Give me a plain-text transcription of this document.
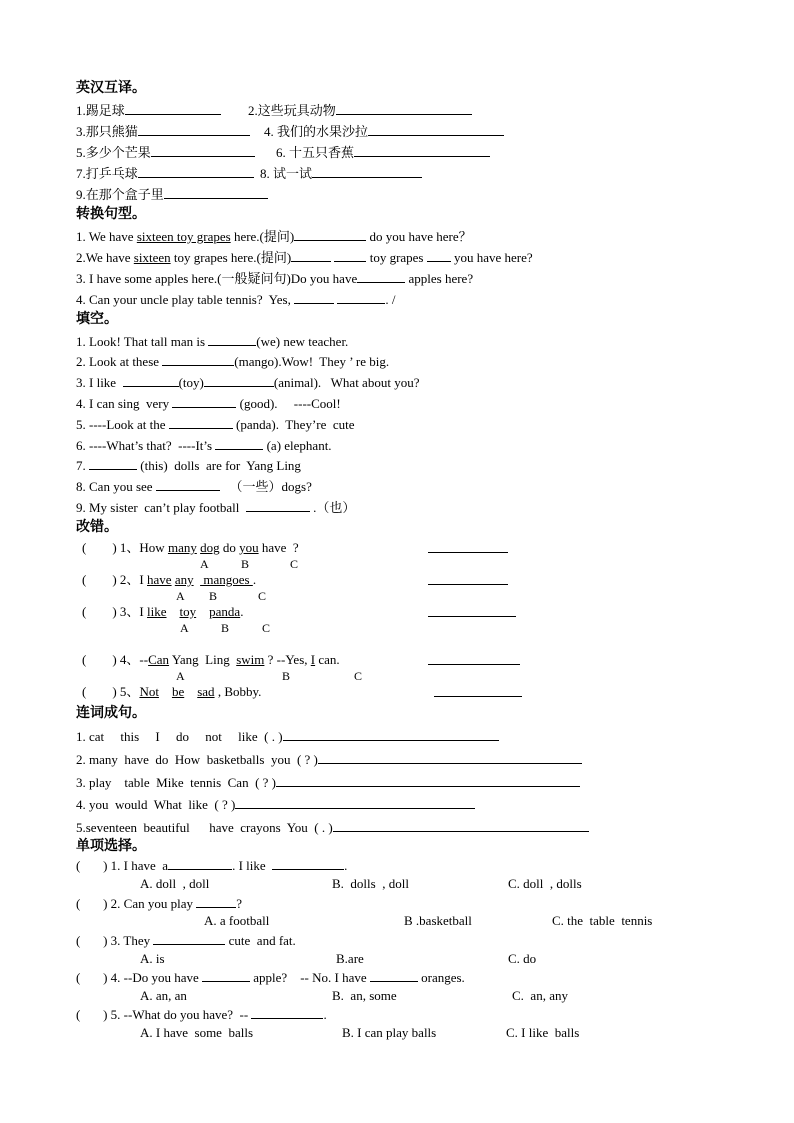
英汉互译。
1.踢足球	2.这些玩具动物
3.那只熊猫	4. 我们的水果沙拉
5.多少个芒果	6. 十五只香蕉
7.打乒乓球	8. 试一试
9.在那个盒子里
转换句型。
1. We have sixteen toy grapes here.(提问)	do you have here？
2.We have sixteen toy grapes here.(提问)	toy grapes  you have here?
3. I have some apples here.(一般疑问句)Do you have	apples here?
4. Can your uncle play table tennis?  Yes,	. /
填空。
1. Look! That tall man is	(we) new teacher.
2. Look at these	(mango).Wow!  They ’ re big.
3. I like	(toy)	(animal).   What about you?
4. I can sing  very	(good).     ----Cool!
5. ----Look at the	(panda).  They’re  cute
6. ----What’s that?  ----It’s	(a) elephant.
7.	(this)  dolls  are for  Yang Ling
8. Can you see	（一些）dogs?
9. My sister  can’t play football	.（也）
改错。
(        ) 1、How many dog do you have  ?
A	B	C
(        ) 2、I have any   mangoes .
A B	C
(        ) 3、I like toy panda.
A	B	C
(        ) 4、--Can Yang  Ling  swim ? --Yes, I can.
A	B	C
(        ) 5、Not be sad , Bobby.
连词成句。
1. cat     this     I     do     not     like  ( . )
2. many  have  do  How  basketballs  you  ( ? )
3. play    table  Mike  tennis  Can  ( ? )
4. you  would  What  like  ( ? )
5.seventeen  beautiful      have  crayons  You  ( . )
单项选择。
(       ) 1. I have  a	. I like	.
A. doll  , doll	B.  dolls  , doll	C. doll  , dolls
(       ) 2. Can you play	?
A. a football	B .basketball	C. the  table  tennis
(       ) 3. They	cute  and fat.
A. is	B.are	C. do
(       ) 4. --Do you have	apple?    -- No. I have	oranges.
A. an, an	B.  an, some	C.  an, any
(       ) 5. --What do you have?  --	.
A. I have  some  balls	B. I can play balls	C. I like  balls
